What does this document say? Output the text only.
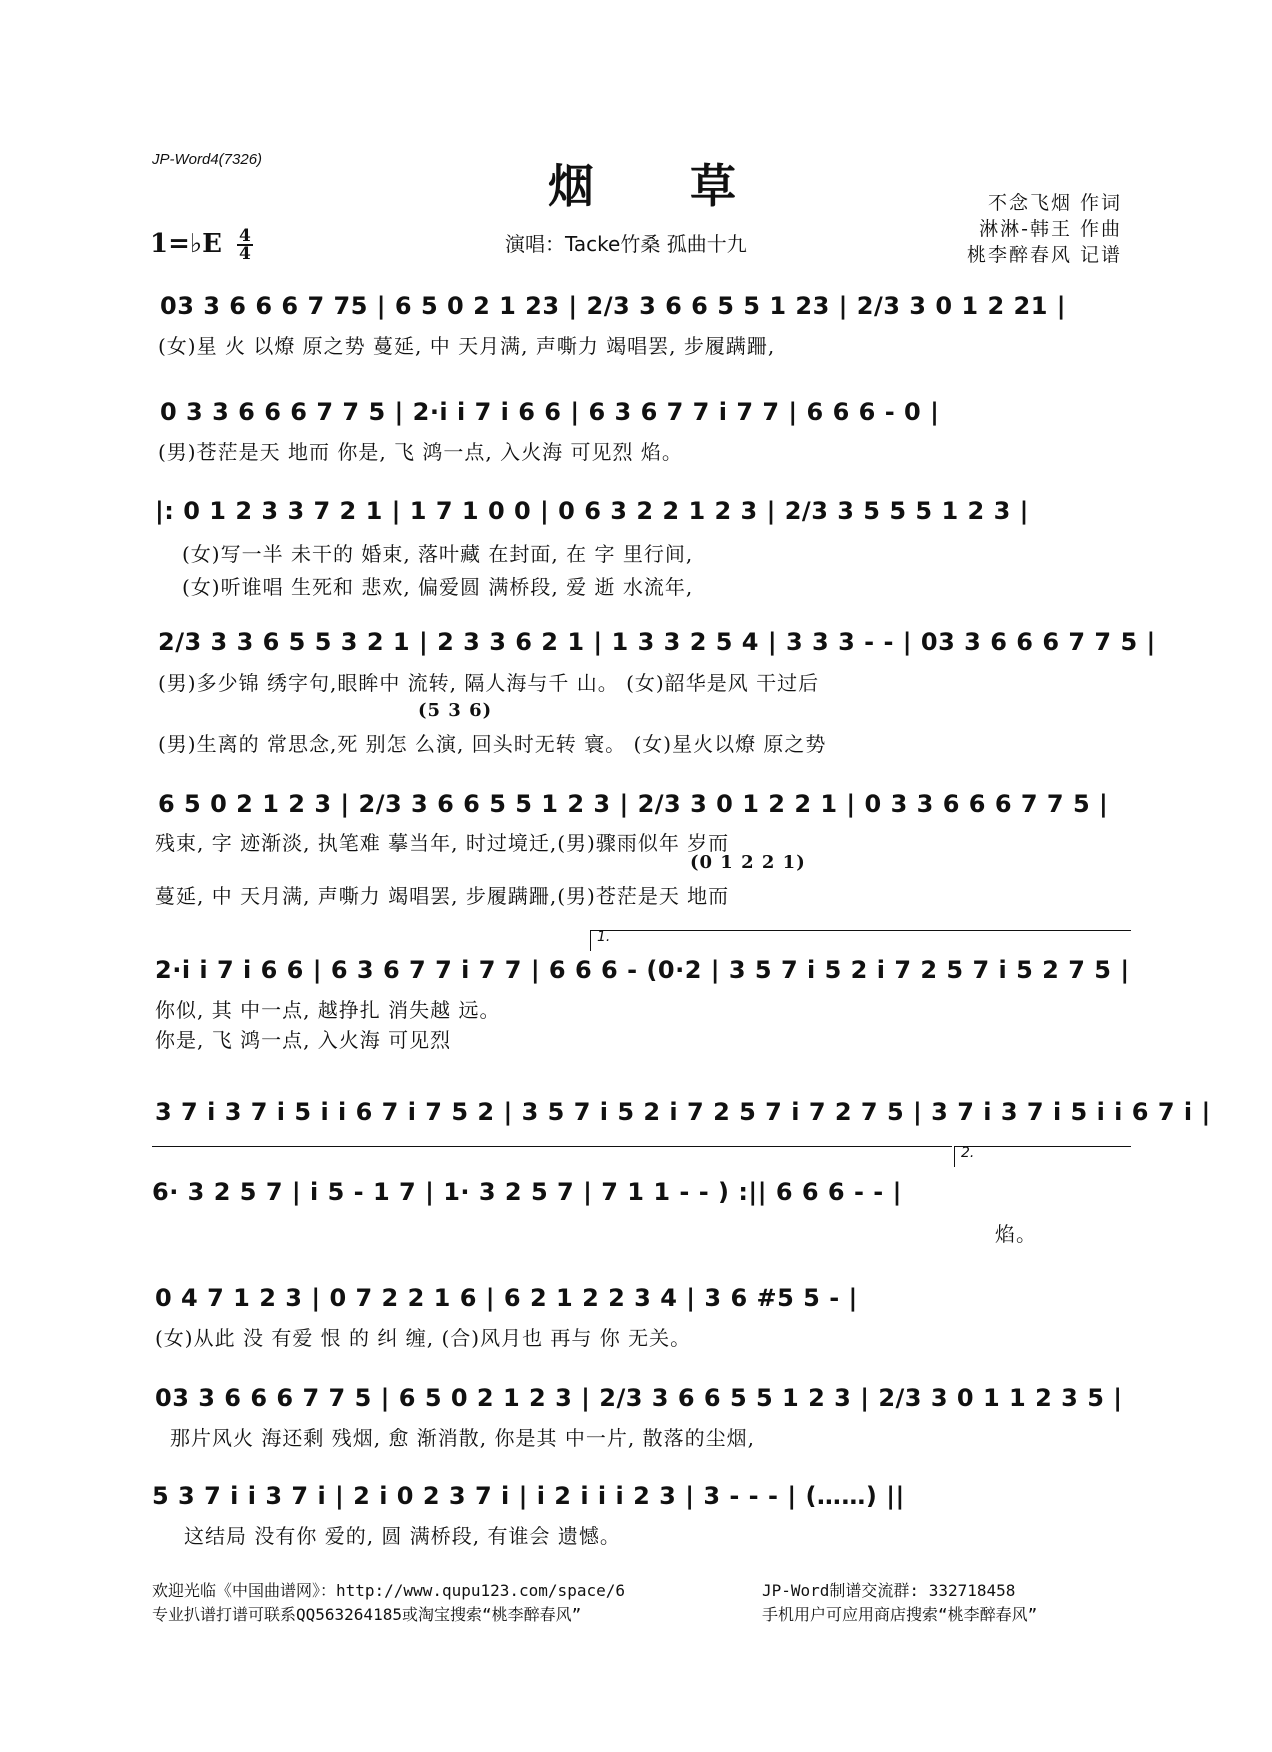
JP-Word4(7326)	烟 草
1=♭E $\frac{4}{4}$	演唱：Tacke竹桑 孤曲十九
不念飞烟 作词
淋淋-韩王 作曲
桃李醉春风 记谱
03 3 6 6 6 7 75 | 6 5 0 2 1 23 | 2/3 3 6 6 5 5 1 23 | 2/3 3 0 1 2 21 |
(女)星 火 以燎 原之势 蔓延, 中 天月满, 声嘶力 竭唱罢, 步履蹒跚,
0 3 3 6 6 6 7 7 5 | 2·i i 7 i 6 6 | 6 3 6 7 7 i 7 7 | 6 6 6 - 0 |
(男)苍茫是天 地而 你是, 飞 鸿一点, 入火海 可见烈 焰。
|: 0 1 2 3 3 7 2 1 | 1 7 1 0 0 | 0 6 3 2 2 1 2 3 | 2/3 3 5 5 5 1 2 3 |
(女)写一半 未干的 婚束, 落叶藏 在封面, 在 字 里行间,
(女)听谁唱 生死和 悲欢, 偏爱圆 满桥段, 爱 逝 水流年,
2/3 3 3 6 5 5 3 2 1 | 2 3 3 6 2 1 | 1 3 3 2 5 4 | 3 3 3 - - | 03 3 6 6 6 7 7 5 |
(男)多少锦 绣字句,眼眸中 流转, 隔人海与千 山。 (女)韶华是风 干过后
(5 3 6)
(男)生离的 常思念,死 别怎 么演, 回头时无转 寰。 (女)星火以燎 原之势
6 5 0 2 1 2 3 | 2/3 3 6 6 5 5 1 2 3 | 2/3 3 0 1 2 2 1 | 0 3 3 6 6 6 7 7 5 |
残束, 字 迹渐淡, 执笔难 摹当年, 时过境迁,(男)骤雨似年 岁而
(0 1 2 2 1)
蔓延, 中 天月满, 声嘶力 竭唱罢, 步履蹒跚,(男)苍茫是天 地而
1.
2·i i 7 i 6 6 | 6 3 6 7 7 i 7 7 | 6 6 6 - (0·2 | 3 5 7 i 5 2 i 7 2 5 7 i 5 2 7 5 |
你似, 其 中一点, 越挣扎 消失越 远。
你是, 飞 鸿一点, 入火海 可见烈
3 7 i 3 7 i 5 i i 6 7 i 7 5 2 | 3 5 7 i 5 2 i 7 2 5 7 i 7 2 7 5 | 3 7 i 3 7 i 5 i i 6 7 i |
2.
6· 3 2 5 7 | i 5 - 1 7 | 1· 3 2 5 7 | 7 1 1 - - ) :|| 6 6 6 - - |
焰。
0 4 7 1 2 3 | 0 7 2 2 1 6 | 6 2 1 2 2 3 4 | 3 6 #5 5 - |
(女)从此 没 有爱 恨 的 纠 缠, (合)风月也 再与 你 无关。
03 3 6 6 6 7 7 5 | 6 5 0 2 1 2 3 | 2/3 3 6 6 5 5 1 2 3 | 2/3 3 0 1 1 2 3 5 |
那片风火 海还剩 残烟, 愈 渐消散, 你是其 中一片, 散落的尘烟,
5 3 7 i i 3 7 i | 2 i 0 2 3 7 i | i 2 i i i 2 3 | 3 - - - | (……) ||
这结局 没有你 爱的, 圆 满桥段, 有谁会 遗憾。
欢迎光临《中国曲谱网》：http://www.qupu123.com/space/6
专业扒谱打谱可联系QQ563264185或淘宝搜索“桃李醉春风”
JP-Word制谱交流群: 332718458
手机用户可应用商店搜索“桃李醉春风”
